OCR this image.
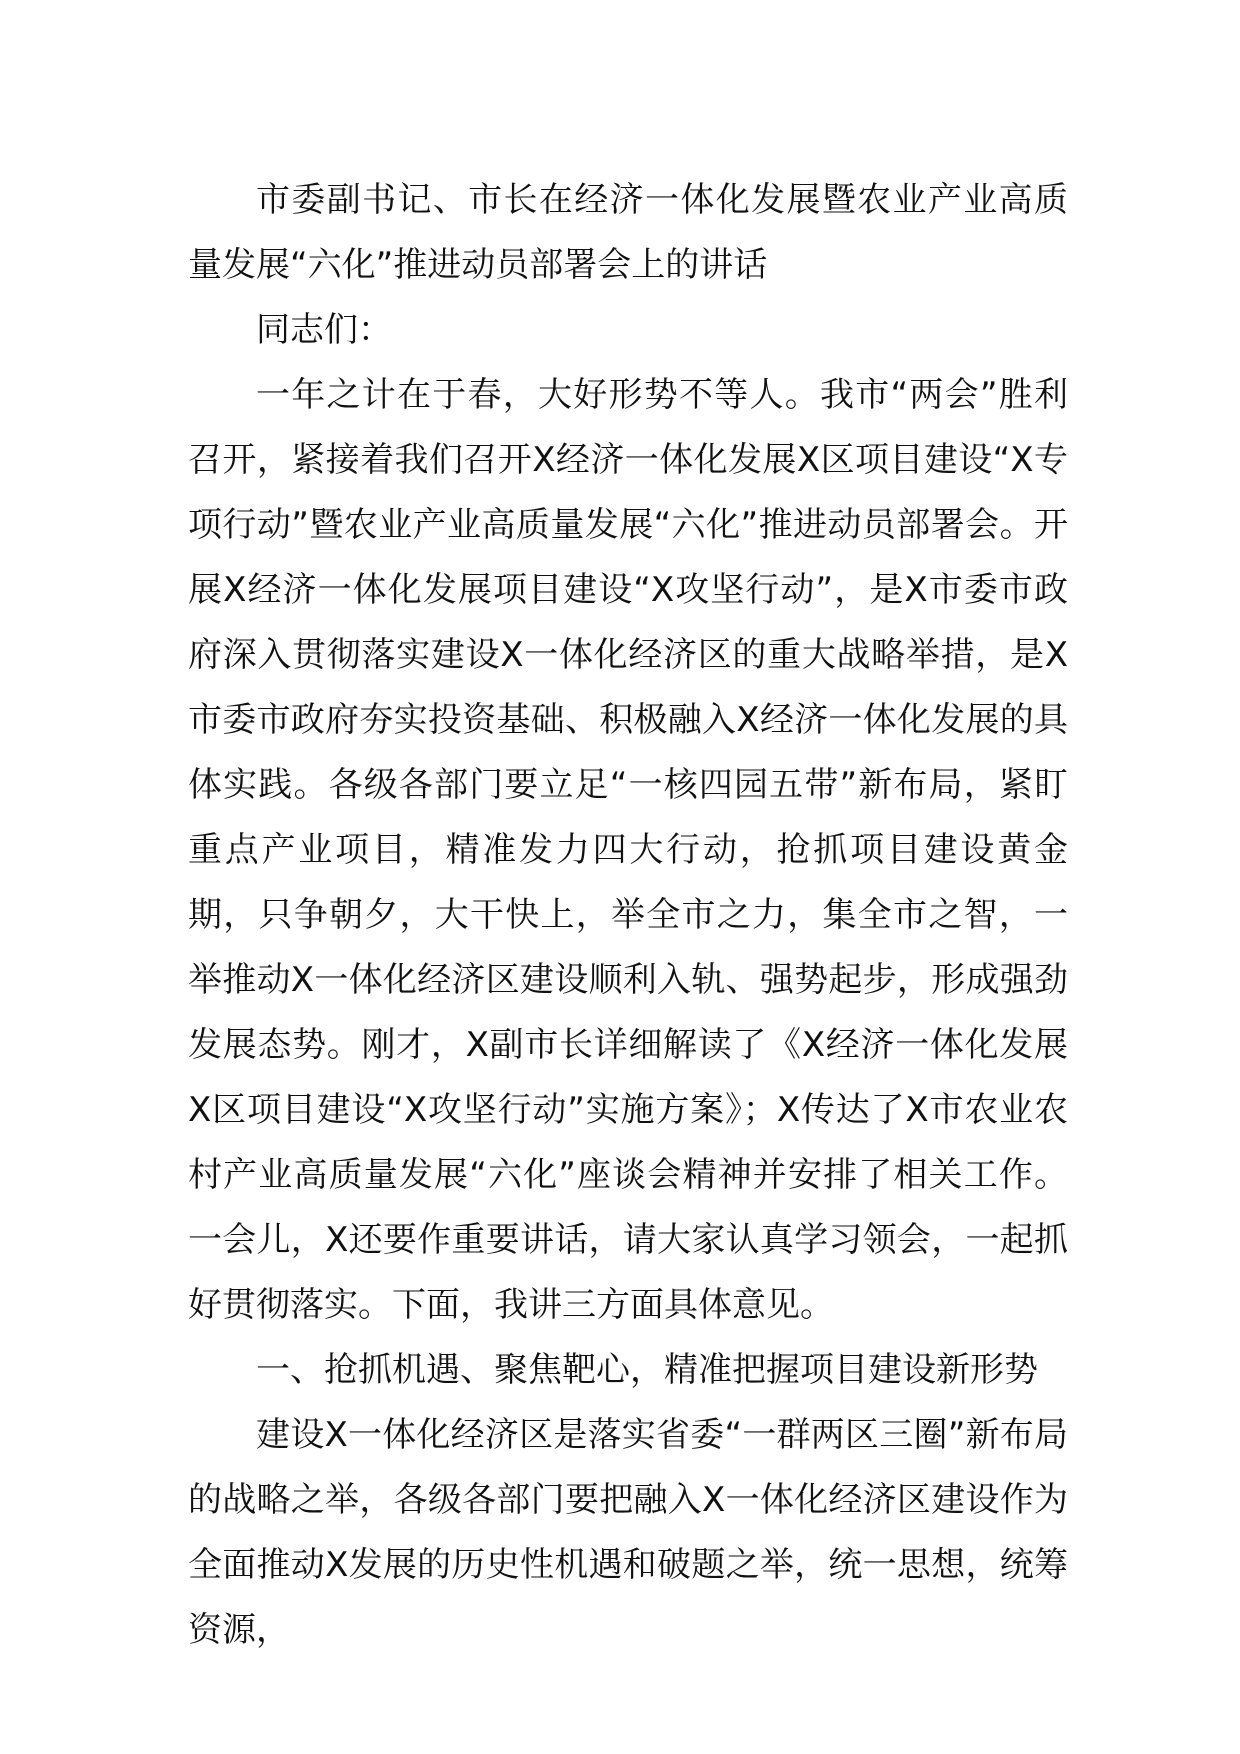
市委副书记、市长在经济一体化发展暨农业产业高质量发展“六化”推进动员部署会上的讲话

同志们：

一年之计在于春，大好形势不等人。我市“两会”胜利召开，紧接着我们召开X经济一体化发展X区项目建设“X专项行动”暨农业产业高质量发展“六化”推进动员部署会。开展X经济一体化发展项目建设“X攻坚行动”，是X市委市政府深入贯彻落实建设X一体化经济区的重大战略举措，是X市委市政府夯实投资基础、积极融入X经济一体化发展的具体实践。各级各部门要立足“一核四园五带”新布局，紧盯重点产业项目，精准发力四大行动，抢抓项目建设黄金期，只争朝夕，大干快上，举全市之力，集全市之智，一举推动X一体化经济区建设顺利入轨、强势起步，形成强劲发展态势。刚才，X副市长详细解读了《X经济一体化发展X区项目建设“X攻坚行动”实施方案》；X传达了X市农业农村产业高质量发展“六化”座谈会精神并安排了相关工作。一会儿，X还要作重要讲话，请大家认真学习领会，一起抓好贯彻落实。下面，我讲三方面具体意见。

一、抢抓机遇、聚焦靶心，精准把握项目建设新形势

建设X一体化经济区是落实省委“一群两区三圈”新布局的战略之举，各级各部门要把融入X一体化经济区建设作为全面推动X发展的历史性机遇和破题之举，统一思想，统筹资源，
